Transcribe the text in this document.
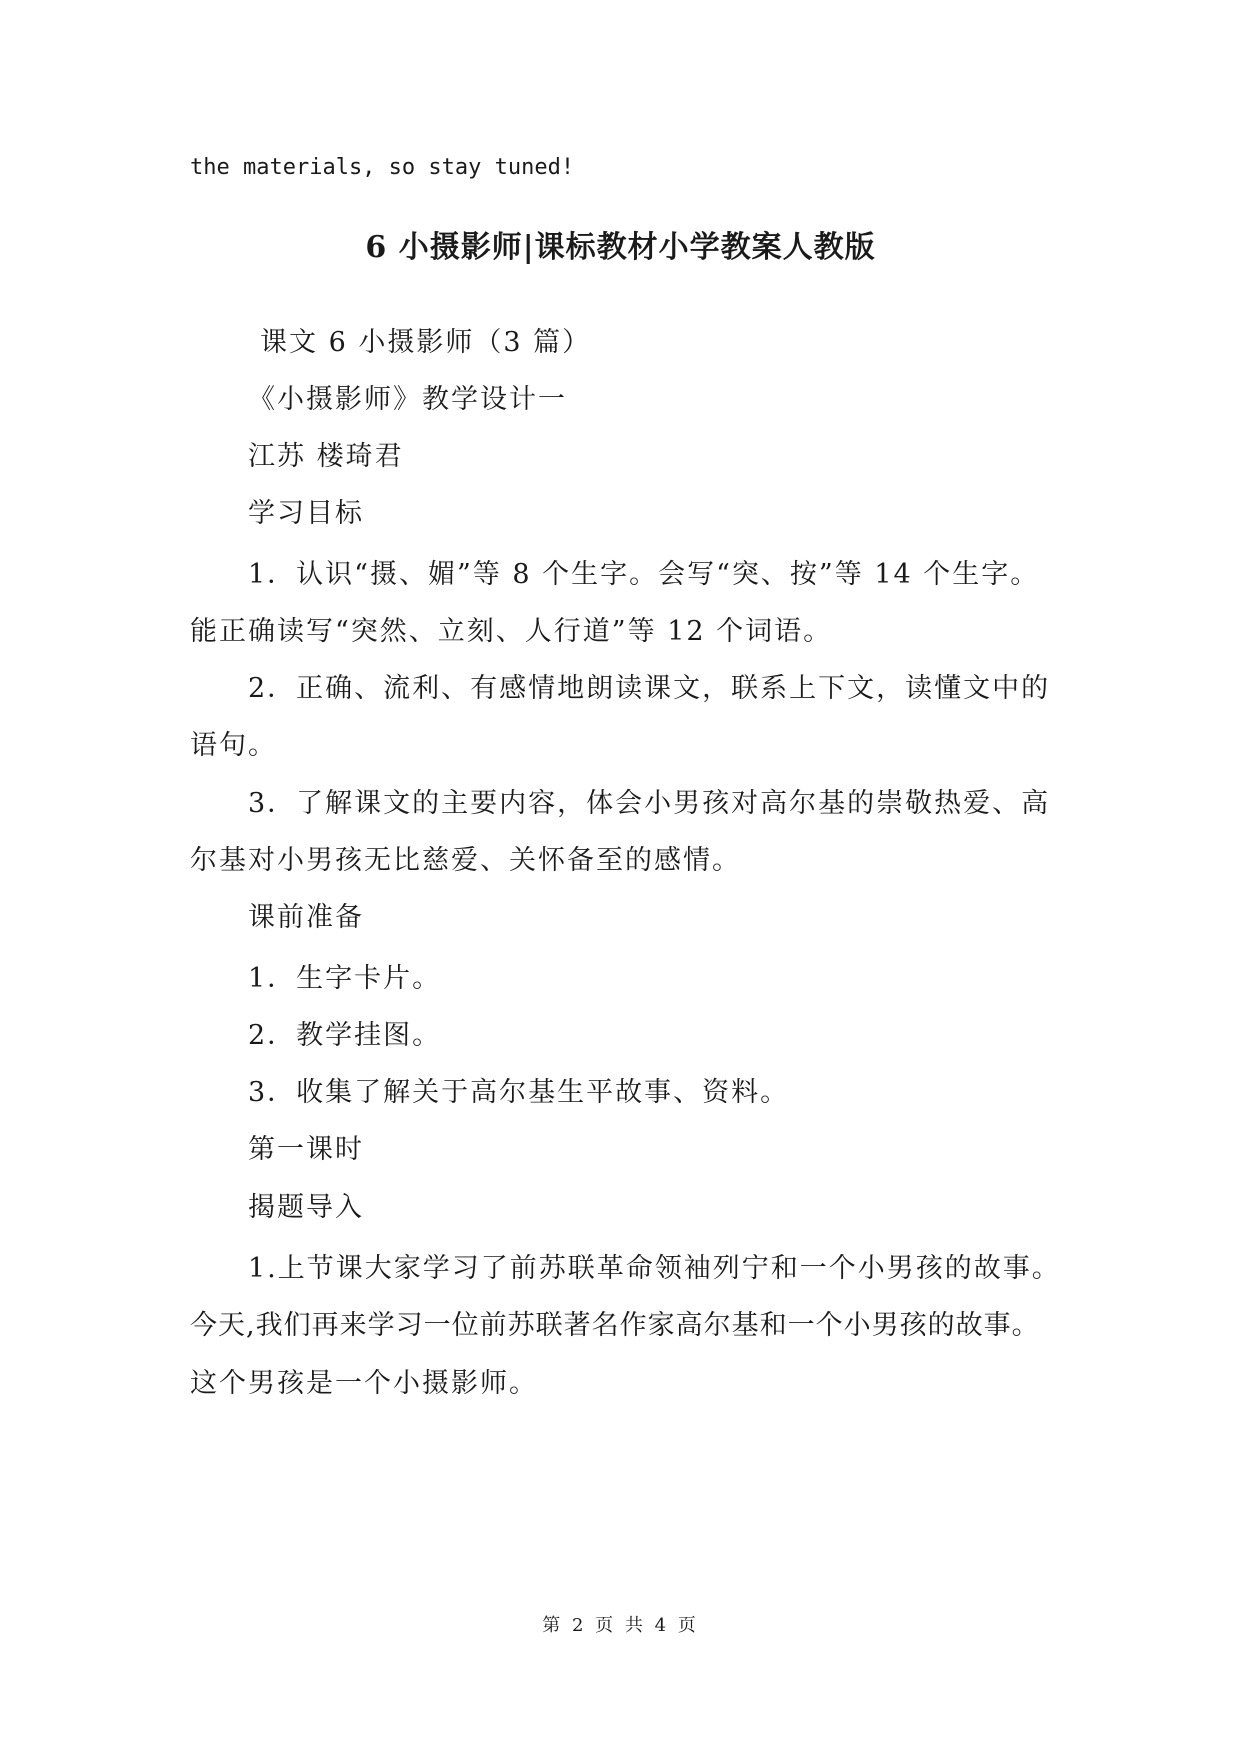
the materials, so stay tuned!
6 小摄影师|课标教材小学教案人教版
课文 6 小摄影师（3 篇）
《小摄影师》教学设计一
江苏 楼琦君
学习目标
1．认识“摄、媚”等 8 个生字。会写“突、按”等 14 个生字。
能正确读写“突然、立刻、人行道”等 12 个词语。
2．正确、流利、有感情地朗读课文，联系上下文，读懂文中的
语句。
3．了解课文的主要内容，体会小男孩对高尔基的崇敬热爱、高
尔基对小男孩无比慈爱、关怀备至的感情。
课前准备
1．生字卡片。
2．教学挂图。
3．收集了解关于高尔基生平故事、资料。
第一课时
揭题导入
1.上节课大家学习了前苏联革命领袖列宁和一个小男孩的故事。
今天,我们再来学习一位前苏联著名作家高尔基和一个小男孩的故事。
这个男孩是一个小摄影师。
第 2 页 共 4 页
